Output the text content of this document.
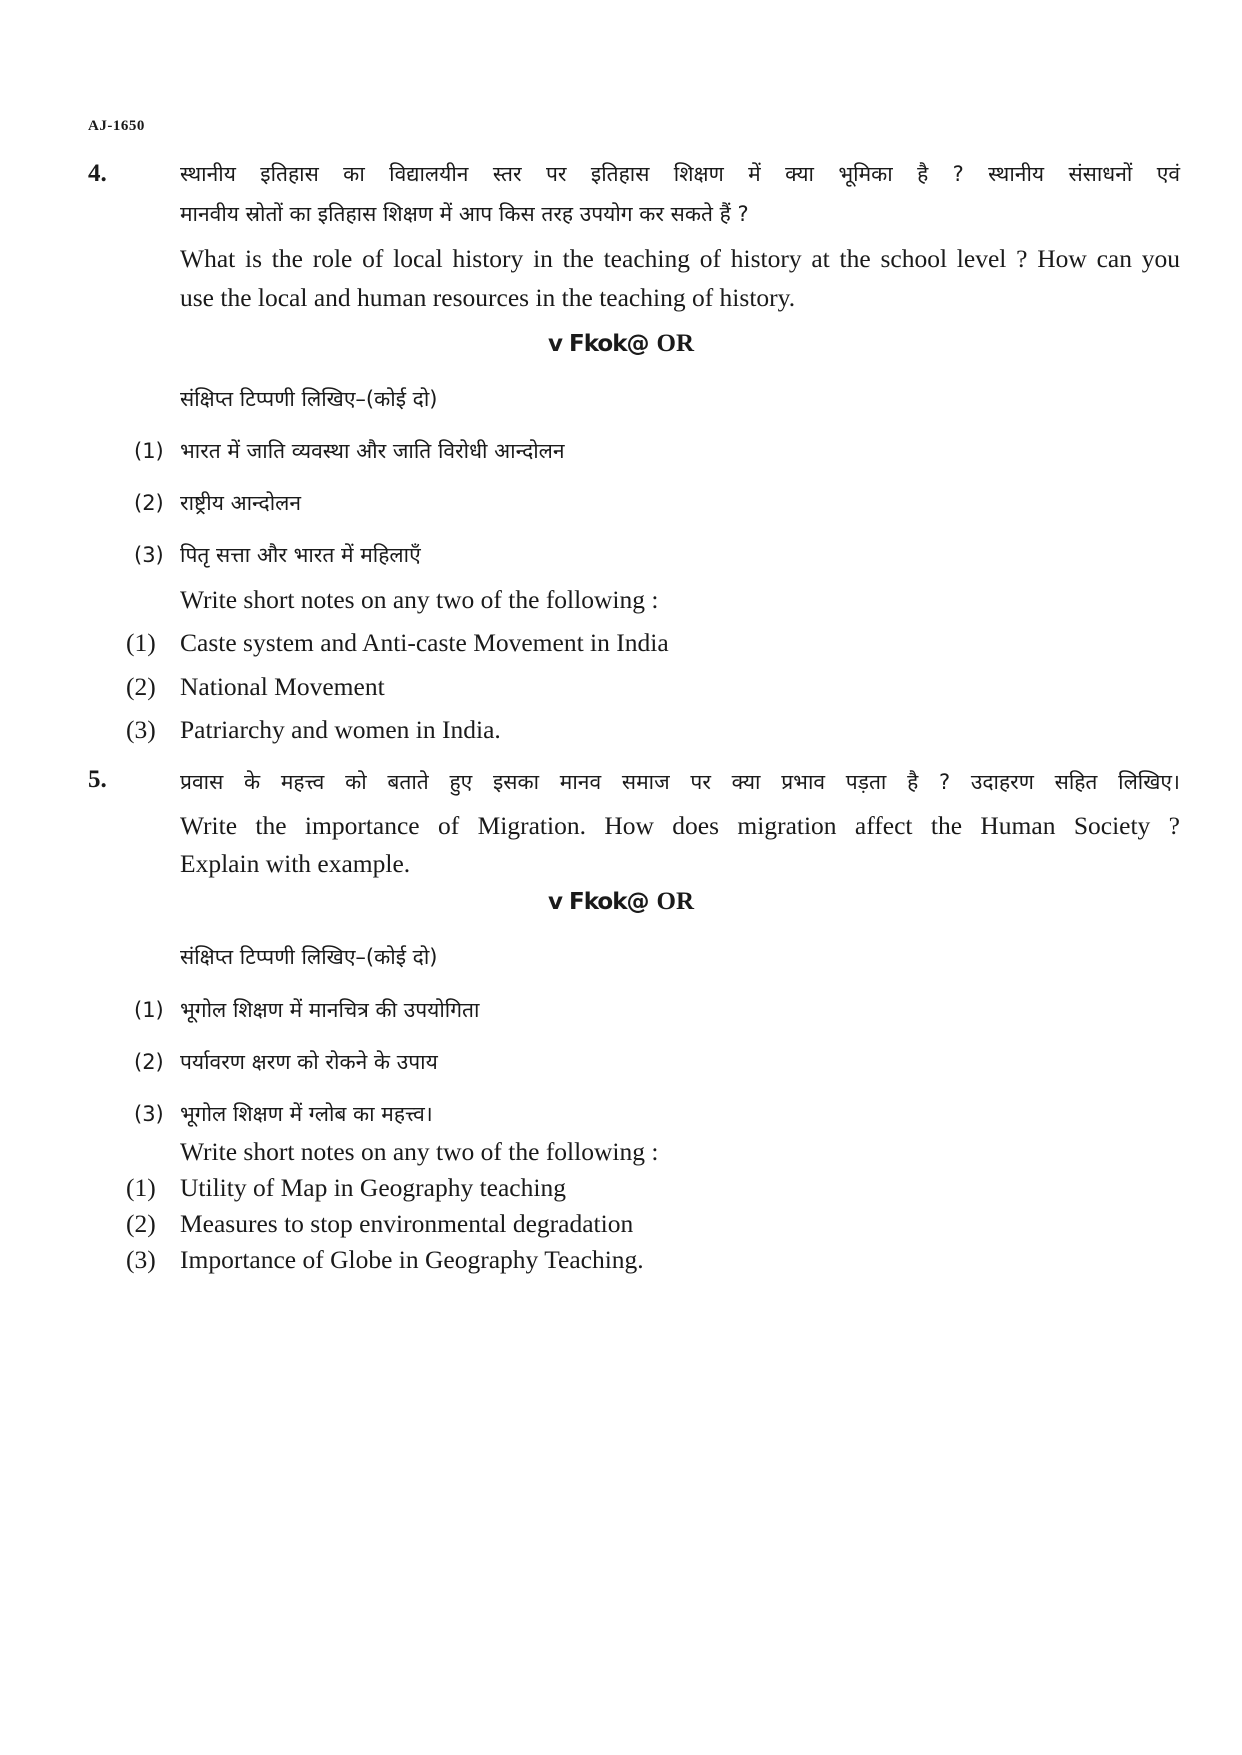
AJ-1650
4.	स्थानीय इतिहास का विद्यालयीन स्तर पर इतिहास शिक्षण में क्या भूमिका है ? स्थानीय संसाधनों एवं
मानवीय स्रोतों का इतिहास शिक्षण में आप किस तरह उपयोग कर सकते हैं ?
What is the role of local history in the teaching of history at the school level ? How can you
use the local and human resources in the teaching of history.
v Fkok@ OR
संक्षिप्त टिप्पणी लिखिए–(कोई दो)
(1) भारत में जाति व्यवस्था और जाति विरोधी आन्दोलन
(2) राष्ट्रीय आन्दोलन
(3) पितृ सत्ता और भारत में महिलाएँ
Write short notes on any two of the following :
(1) Caste system and Anti-caste Movement in India
(2) National Movement
(3) Patriarchy and women in India.
5.	प्रवास के महत्त्व को बताते हुए इसका मानव समाज पर क्या प्रभाव पड़ता है ? उदाहरण सहित लिखिए।
Write the importance of Migration. How does migration affect the Human Society ?
Explain with example.
v Fkok@ OR
संक्षिप्त टिप्पणी लिखिए–(कोई दो)
(1) भूगोल शिक्षण में मानचित्र की उपयोगिता
(2) पर्यावरण क्षरण को रोकने के उपाय
(3) भूगोल शिक्षण में ग्लोब का महत्त्व।
Write short notes on any two of the following :
(1) Utility of Map in Geography teaching
(2) Measures to stop environmental degradation
(3) Importance of Globe in Geography Teaching.
